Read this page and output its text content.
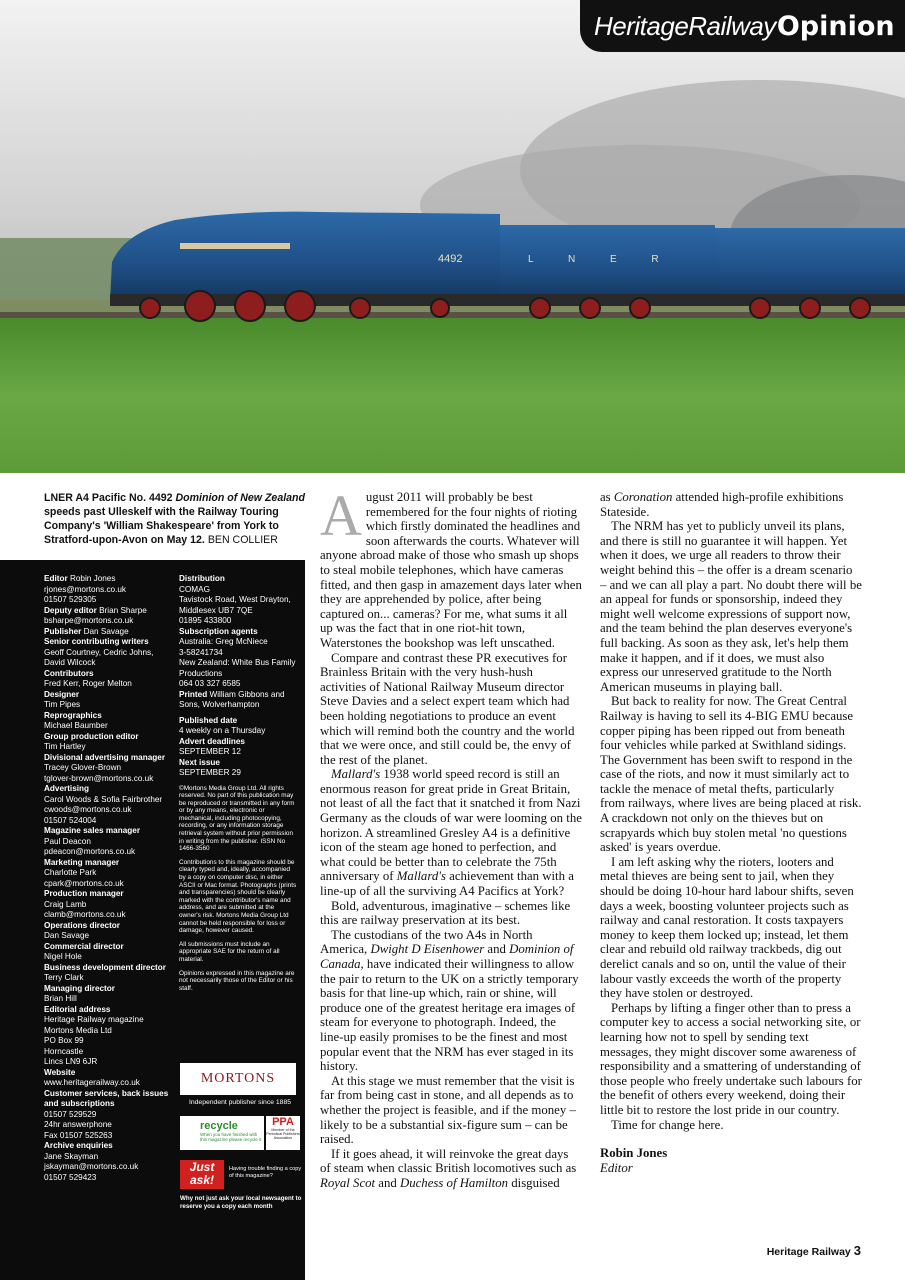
4492	L N E R
HeritageRailway Opinion
LNER A4 Pacific No. 4492 Dominion of New Zealand speeds past Ulleskelf with the Railway Touring Company's 'William Shakespeare' from York to Stratford-upon-Avon on May 12. BEN COLLIER
Editor Robin Jones
rjones@mortons.co.uk
01507 529305
Deputy editor Brian Sharpe
bsharpe@mortons.co.uk
Publisher Dan Savage
Senior contributing writers
Geoff Courtney, Cedric Johns,
David Wilcock
Contributors
Fred Kerr, Roger Melton
Designer
Tim Pipes
Reprographics
Michael Baumber
Group production editor
Tim Hartley
Divisional advertising manager
Tracey Glover-Brown
tglover-brown@mortons.co.uk
Advertising
Carol Woods & Sofia Fairbrother
cwoods@mortons.co.uk
01507 524004
Magazine sales manager
Paul Deacon
pdeacon@mortons.co.uk
Marketing manager
Charlotte Park
cpark@mortons.co.uk
Production manager
Craig Lamb
clamb@mortons.co.uk
Operations director
Dan Savage
Commercial director
Nigel Hole
Business development director
Terry Clark
Managing director
Brian Hill
Editorial address
Heritage Railway magazine
Mortons Media Ltd
PO Box 99
Horncastle
Lincs LN9 6JR
Website
www.heritagerailway.co.uk
Customer services, back issues and subscriptions
01507 529529
24hr answerphone
Fax 01507 525263
Archive enquiries
Jane Skayman
jskayman@mortons.co.uk
01507 529423
Distribution
COMAG
Tavistock Road, West Drayton,
Middlesex UB7 7QE
01895 433800
Subscription agents
Australia: Greg McNiece
3-58241734
New Zealand: White Bus Family Productions
064 03 327 6585
Printed William Gibbons and Sons, Wolverhampton
Published date
4 weekly on a Thursday
Advert deadlines
SEPTEMBER 12
Next issue
SEPTEMBER 29
©Mortons Media Group Ltd. All rights reserved. No part of this publication may be reproduced or transmitted in any form or by any means, electronic or mechanical, including photocopying, recording, or any information storage retrieval system without prior permission in writing from the publisher. ISSN No 1466-3560
Contributions to this magazine should be clearly typed and, ideally, accompanied by a copy on computer disc, in either ASCII or Mac format. Photographs (prints and transparencies) should be clearly marked with the contributor's name and address, and are submitted at the owner's risk. Mortons Media Group Ltd cannot be held responsible for loss or damage, however caused.
All submissions must include an appropriate SAE for the return of all material.
Opinions expressed in this magazine are not necessarily those of the Editor or his staff.
MORTONS
Independent publisher since 1885
recycle
When you have finished with this magazine please recycle it
PPA
Member of the Periodical Publishers Association
Just ask!
Having trouble finding a copy of this magazine?
Why not just ask your local newsagent to reserve you a copy each month

August 2011 will probably be best remembered for the four nights of rioting which firstly dominated the headlines and soon afterwards the courts. Whatever will anyone abroad make of those who smash up shops to steal mobile telephones, which have cameras fitted, and then gasp in amazement days later when they are apprehended by police, after being captured on... cameras? For me, what sums it all up was the fact that in one riot-hit town, Waterstones the bookshop was left unscathed.

Compare and contrast these PR executives for Brainless Britain with the very hush-hush activities of National Railway Museum director Steve Davies and a select expert team which had been holding negotiations to produce an event which will remind both the country and the world that we were once, and still could be, the envy of the rest of the planet.

Mallard's 1938 world speed record is still an enormous reason for great pride in Great Britain, not least of all the fact that it snatched it from Nazi Germany as the clouds of war were looming on the horizon. A streamlined Gresley A4 is a definitive icon of the steam age honed to perfection, and what could be better than to celebrate the 75th anniversary of Mallard's achievement than with a line-up of all the surviving A4 Pacifics at York?

Bold, adventurous, imaginative – schemes like this are railway preservation at its best.

The custodians of the two A4s in North America, Dwight D Eisenhower and Dominion of Canada, have indicated their willingness to allow the pair to return to the UK on a strictly temporary basis for that line-up which, rain or shine, will produce one of the greatest heritage era images of steam for everyone to photograph. Indeed, the line-up easily promises to be the finest and most popular event that the NRM has ever staged in its history.

At this stage we must remember that the visit is far from being cast in stone, and all depends as to whether the project is feasible, and if the money – likely to be a substantial six-figure sum – can be raised.

If it goes ahead, it will reinvoke the great days of steam when classic British locomotives such as Royal Scot and Duchess of Hamilton disguised

as Coronation attended high-profile exhibitions Stateside.

The NRM has yet to publicly unveil its plans, and there is still no guarantee it will happen. Yet when it does, we urge all readers to throw their weight behind this – the offer is a dream scenario – and we can all play a part. No doubt there will be an appeal for funds or sponsorship, indeed they might well welcome expressions of support now, and the team behind the plan deserves everyone's full backing. As soon as they ask, let's help them make it happen, and if it does, we must also express our unreserved gratitude to the North American museums in playing ball.

But back to reality for now. The Great Central Railway is having to sell its 4-BIG EMU because copper piping has been ripped out from beneath four vehicles while parked at Swithland sidings. The Government has been swift to respond in the case of the riots, and now it must similarly act to tackle the menace of metal thefts, particularly from railways, where lives are being placed at risk. A crackdown not only on the thieves but on scrapyards which buy stolen metal 'no questions asked' is years overdue.

I am left asking why the rioters, looters and metal thieves are being sent to jail, when they should be doing 10-hour hard labour shifts, seven days a week, boosting volunteer projects such as railway and canal restoration. It costs taxpayers money to keep them locked up; instead, let them clear and rebuild old railway trackbeds, dig out derelict canals and so on, until the value of their labour vastly exceeds the worth of the property they have stolen or destroyed.

Perhaps by lifting a finger other than to press a computer key to access a social networking site, or learning how not to spell by sending text messages, they might discover some awareness of responsibility and a smattering of understanding of those people who freely undertake such labours for the benefit of others every weekend, doing their little bit to restore the lost pride in our country.

Time for change here.

Robin Jones
Editor
Heritage Railway 3
